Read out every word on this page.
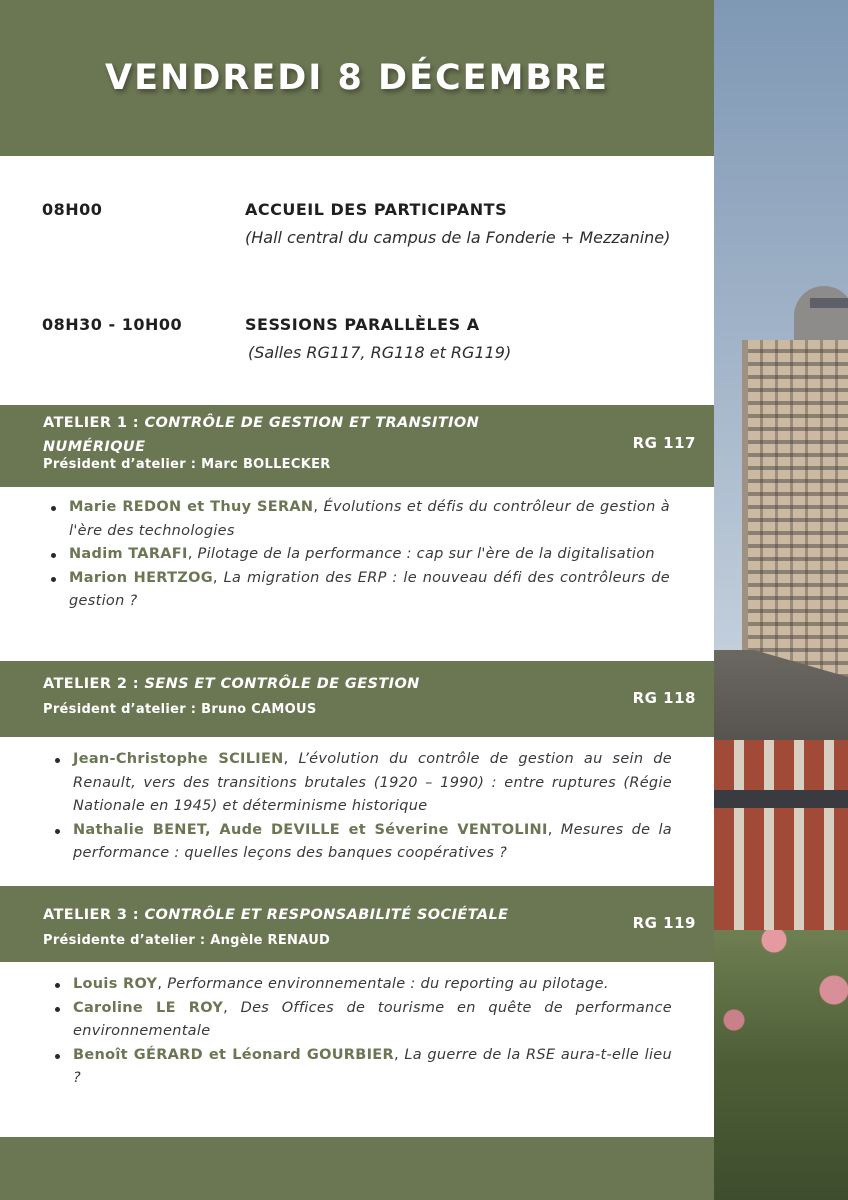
VENDREDI 8 DÉCEMBRE
08H00	ACCUEIL DES PARTICIPANTS
(Hall central du campus de la Fonderie + Mezzanine)
08H30 - 10H00	SESSIONS PARALLÈLES A
(Salles RG117, RG118 et RG119)
ATELIER 1 : CONTRÔLE DE GESTION ET TRANSITION NUMÉRIQUE
Président d’atelier : Marc BOLLECKER
RG 117
Marie REDON et Thuy SERAN, Évolutions et défis du contrôleur de gestion à l'ère des technologies
Nadim TARAFI, Pilotage de la performance : cap sur l'ère de la digitalisation
Marion HERTZOG, La migration des ERP : le nouveau défi des contrôleurs de gestion ?
ATELIER 2 : SENS ET CONTRÔLE DE GESTION
Président d’atelier : Bruno CAMOUS
RG 118
Jean-Christophe SCILIEN, L’évolution du contrôle de gestion au sein de Renault, vers des transitions brutales (1920 – 1990) : entre ruptures (Régie Nationale en 1945) et déterminisme historique
Nathalie BENET, Aude DEVILLE et Séverine VENTOLINI, Mesures de la performance : quelles leçons des banques coopératives ?
ATELIER 3 : CONTRÔLE ET RESPONSABILITÉ SOCIÉTALE
Présidente d’atelier : Angèle RENAUD
RG 119
Louis ROY, Performance environnementale : du reporting au pilotage.
Caroline LE ROY, Des Offices de tourisme en quête de performance environnementale
Benoît GÉRARD et Léonard GOURBIER, La guerre de la RSE aura-t-elle lieu ?
